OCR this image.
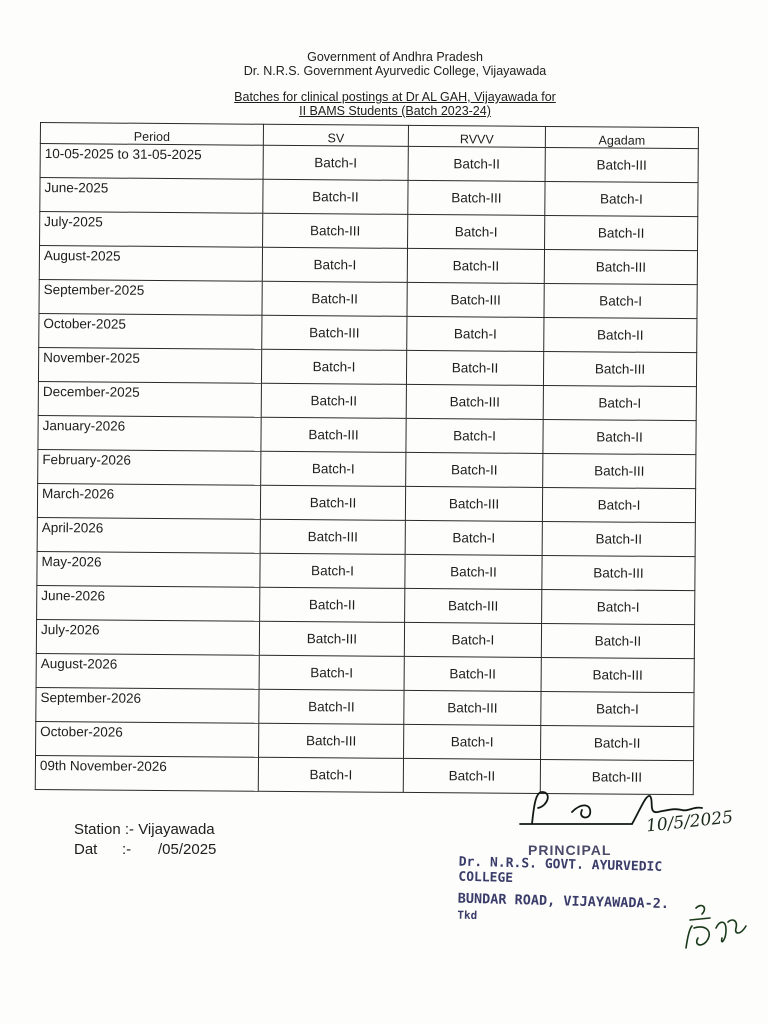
Government of Andhra Pradesh
Dr. N.R.S. Government Ayurvedic College, Vijayawada
Batches for clinical postings at Dr AL GAH, Vijayawada for
II BAMS Students (Batch 2023-24)
Period	SV	RVVV	Agadam
10-05-2025 to 31-05-2025	Batch-I	Batch-II	Batch-III
June-2025	Batch-II	Batch-III	Batch-I
July-2025	Batch-III	Batch-I	Batch-II
August-2025	Batch-I	Batch-II	Batch-III
September-2025	Batch-II	Batch-III	Batch-I
October-2025	Batch-III	Batch-I	Batch-II
November-2025	Batch-I	Batch-II	Batch-III
December-2025	Batch-II	Batch-III	Batch-I
January-2026	Batch-III	Batch-I	Batch-II
February-2026	Batch-I	Batch-II	Batch-III
March-2026	Batch-II	Batch-III	Batch-I
April-2026	Batch-III	Batch-I	Batch-II
May-2026	Batch-I	Batch-II	Batch-III
June-2026	Batch-II	Batch-III	Batch-I
July-2026	Batch-III	Batch-I	Batch-II
August-2026	Batch-I	Batch-II	Batch-III
September-2026	Batch-II	Batch-III	Batch-I
October-2026	Batch-III	Batch-I	Batch-II
09th November-2026	Batch-I	Batch-II	Batch-III
Station :-
Vijayawada
Dat	:-	/05/2025
10/5/2025
PRINCIPAL
Dr. N.R.S. GOVT. AYURVEDIC COLLEGE
BUNDAR ROAD, VIJAYAWADA-2.
Tkd
